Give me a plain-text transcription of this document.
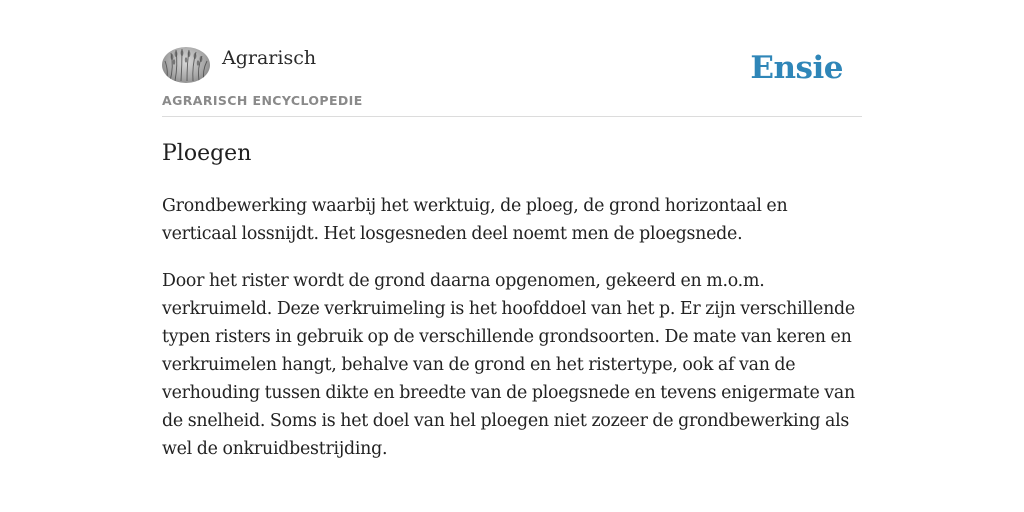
Agrarisch
AGRARISCH ENCYCLOPEDIE
Ensie
Ploegen

Grondbewerking waarbij het werktuig, de ploeg, de grond horizontaal en verticaal lossnijdt. Het losgesneden deel noemt men de ploegsnede.

Door het rister wordt de grond daarna opgenomen, gekeerd en m.o.m. verkruimeld. Deze verkruimeling is het hoofddoel van het p. Er zijn verschillende typen risters in gebruik op de verschillende grondsoorten. De mate van keren en verkruimelen hangt, behalve van de grond en het ristertype, ook af van de verhouding tussen dikte en breedte van de ploegsnede en tevens enigermate van de snelheid. Soms is het doel van hel ploegen niet zozeer de grondbewerking als wel de onkruidbestrijding.
